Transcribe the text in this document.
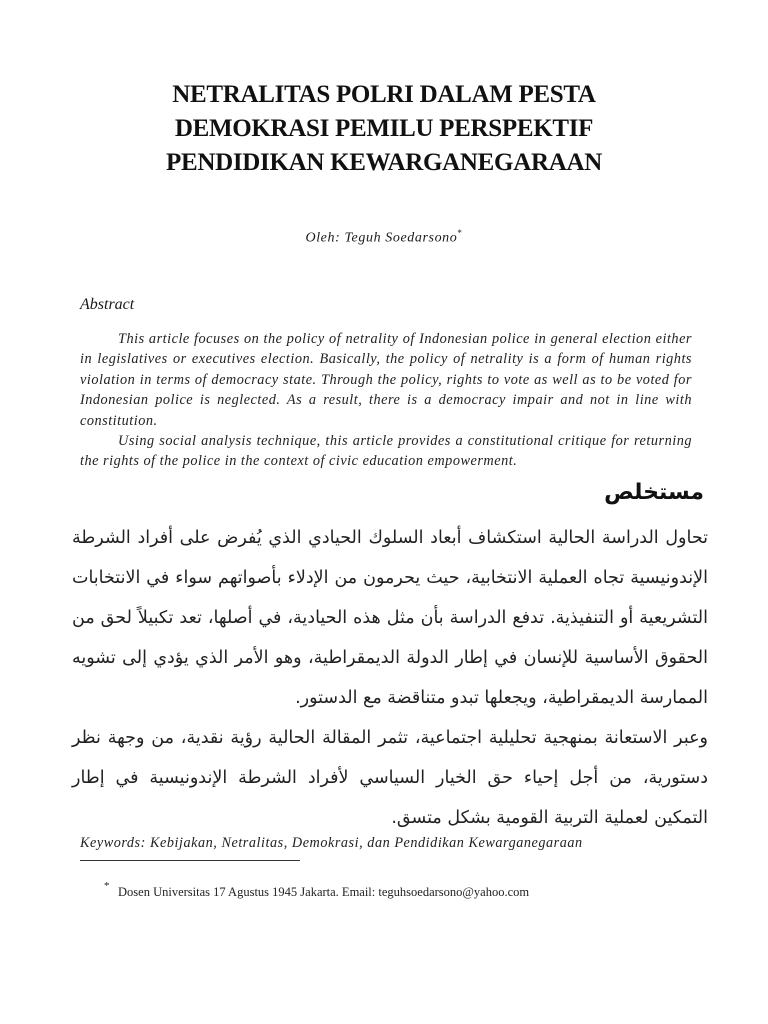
NETRALITAS POLRI DALAM PESTA
DEMOKRASI PEMILU PERSPEKTIF
PENDIDIKAN KEWARGANEGARAAN
Oleh: Teguh Soedarsono*
Abstract

This article focuses on the policy of netrality of Indonesian police in general election either in legislatives or executives election. Basically, the policy of netrality is a form of human rights violation in terms of democracy state. Through the policy, rights to vote as well as to be voted for Indonesian police is neglected. As a result, there is a democracy impair and not in line with constitution.

Using social analysis technique, this article provides a constitutional critique for returning the rights of the police in the context of civic education empowerment.

مستخلص

تحاول الدراسة الحالية استكشاف أبعاد السلوك الحيادي الذي يُفرض على أفراد الشرطة الإندونيسية تجاه العملية الانتخابية، حيث يحرمون من الإدلاء بأصواتهم سواء في الانتخابات التشريعية أو التنفيذية. تدفع الدراسة بأن مثل هذه الحيادية، في أصلها، تعد تكبيلاً لحق من الحقوق الأساسية للإنسان في إطار الدولة الديمقراطية، وهو الأمر الذي يؤدي إلى تشويه الممارسة الديمقراطية، ويجعلها تبدو متناقضة مع الدستور.

وعبر الاستعانة بمنهجية تحليلية اجتماعية، تثمر المقالة الحالية رؤية نقدية، من وجهة نظر دستورية، من أجل إحياء حق الخيار السياسي لأفراد الشرطة الإندونيسية في إطار التمكين لعملية التربية القومية بشكل متسق.

Keywords: Kebijakan, Netralitas, Demokrasi, dan Pendidikan Kewarganegaraan
* Dosen Universitas 17 Agustus 1945 Jakarta. Email: teguhsoedarsono@yahoo.com
